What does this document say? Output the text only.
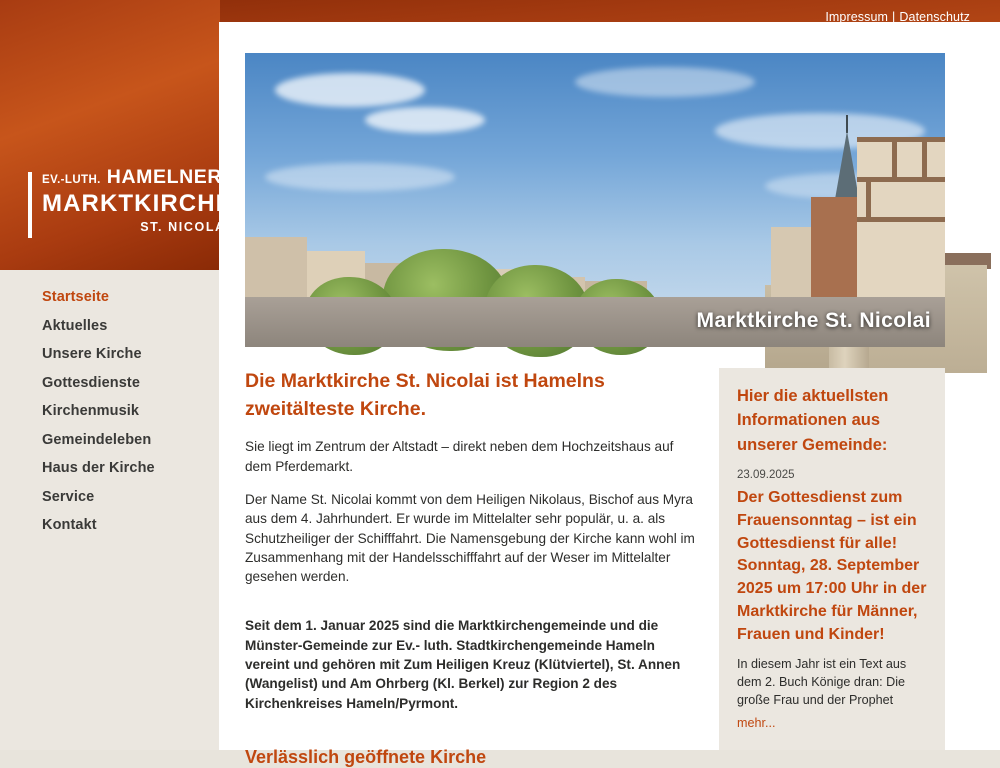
Impressum | Datenschutz
EV.-LUTH. HAMELNER
MARKTKIRCHE
ST. NICOLAI
Startseite
Aktuelles
Unsere Kirche
Gottesdienste
Kirchenmusik
Gemeindeleben
Haus der Kirche
Service
Kontakt
Marktkirche St. Nicolai
Die Marktkirche St. Nicolai ist Hamelns zweitälteste Kirche.

Sie liegt im Zentrum der Altstadt – direkt neben dem Hochzeitshaus auf dem Pferdemarkt.

Der Name St. Nicolai kommt von dem Heiligen Nikolaus, Bischof aus Myra aus dem 4. Jahrhundert. Er wurde im Mittelalter sehr populär, u. a. als Schutzheiliger der Schifffahrt. Die Namensgebung der Kirche kann wohl im Zusammenhang mit der Handelsschifffahrt auf der Weser im Mittelalter gesehen werden.

Seit dem 1. Januar 2025 sind die Marktkirchengemeinde und die Münster-Gemeinde zur Ev.- luth. Stadtkirchengemeinde Hameln vereint und gehören mit Zum Heiligen Kreuz (Klütviertel), St. Annen (Wangelist) und Am Ohrberg (Kl. Berkel) zur Region 2 des Kirchenkreises Hameln/Pyrmont.

Verlässlich geöffnete Kirche
Hier die aktuellsten Informationen aus unserer Gemeinde:
23.09.2025
Der Gottesdienst zum Frauensonntag – ist ein Gottesdienst für alle! Sonntag, 28. September 2025 um 17:00 Uhr in der Marktkirche für Männer, Frauen und Kinder!

In diesem Jahr ist ein Text aus dem 2. Buch Könige dran: Die große Frau und der Prophet

mehr...
